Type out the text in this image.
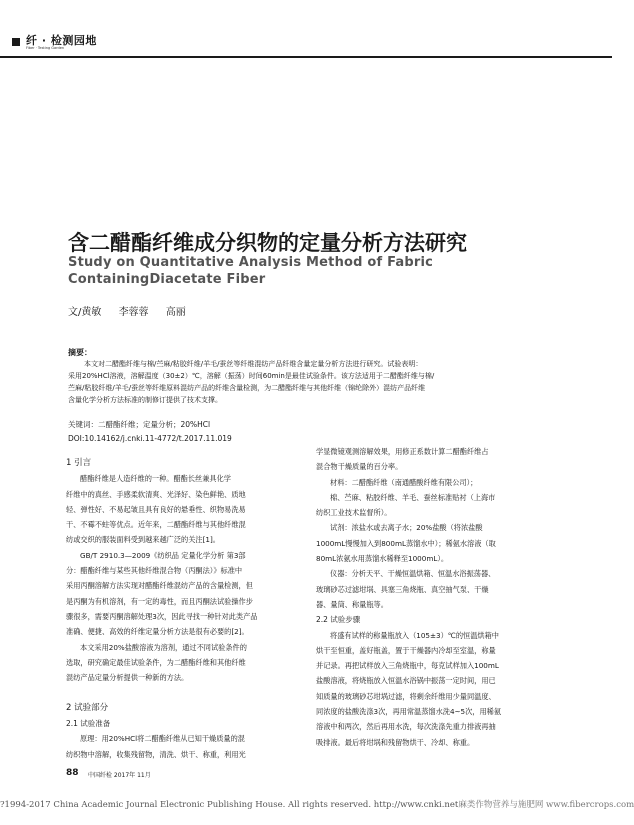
纤 · 检测园地
Fiber · Testing Garden
含二醋酯纤维成分织物的定量分析方法研究
Study on Quantitative Analysis Method of Fabric
ContainingDiacetate Fiber
文/黄敏 李蓉蓉 高丽
摘要：
本文对二醋酯纤维与棉/苎麻/粘胶纤维/羊毛/蚕丝等纤维混纺产品纤维含量定量分析方法进行研究。试验表明：
采用20%HCl溶液，溶解温度（30±2）℃，溶解（振荡）时间60min是最佳试验条件。该方法适用于二醋酯纤维与棉/
苎麻/粘胶纤维/羊毛/蚕丝等纤维原料混纺产品的纤维含量检测，为二醋酯纤维与其他纤维（锦纶除外）混纺产品纤维
含量化学分析方法标准的制修订提供了技术支撑。
关键词：二醋酯纤维；定量分析；20%HCl
DOI:10.14162/j.cnki.11-4772/t.2017.11.019
1 引言
醋酯纤维是人造纤维的一种。醋酯长丝兼具化学
纤维中的真丝、手感柔软清爽、光泽好、染色鲜艳、质地
轻、弹性好、不易起皱且具有良好的悬垂性、织物易洗易
干、不霉不蛀等优点。近年来，二醋酯纤维与其他纤维混
纺或交织的服装面料受到越来越广泛的关注[1]。
GB/T 2910.3—2009《纺织品 定量化学分析 第3部
分：醋酯纤维与某些其他纤维混合物（丙酮法）》标准中
采用丙酮溶解方法实现对醋酯纤维混纺产品的含量检测，但
是丙酮为有机溶剂，有一定的毒性，而且丙酮法试验操作步
骤很多，需要丙酮溶解处理3次，因此寻找一种针对此类产品
准确、便捷、高效的纤维定量分析方法是很有必要的[2]。
本文采用20%盐酸溶液为溶剂，通过不同试验条件的
选取，研究确定最佳试验条件，为二醋酯纤维和其他纤维
混纺产品定量分析提供一种新的方法。

2 试验部分
2.1 试验准备
原理：用20%HCl将二醋酯纤维从已知干燥质量的混
纺织物中溶解，收集残留物，清洗、烘干、称重，利用光
学显微镜观测溶解效果，用修正系数计算二醋酯纤维占
混合物干燥质量的百分率。
材料：二醋酯纤维（南通醋酸纤维有限公司）；
棉、苎麻、粘胶纤维、羊毛、蚕丝标准贴衬（上海市
纺织工业技术监督所）。
试剂：浓盐水或去离子水；20%盐酸（将浓盐酸
1000mL慢慢加入到800mL蒸馏水中）；稀氨水溶液（取
80mL浓氨水用蒸馏水稀释至1000mL）。
仪器：分析天平、干燥恒温烘箱、恒温水浴振荡器、
玻璃砂芯过滤坩埚、具塞三角烧瓶、真空抽气泵、干燥
器、量筒、称量瓶等。
2.2 试验步骤
将盛有试样的称量瓶放入（105±3）℃的恒温烘箱中
烘干至恒重，盖好瓶盖，置于干燥器内冷却至室温，称量
并记录。再把试样放入三角烧瓶中，每克试样加入100mL
盐酸溶液，将烧瓶放入恒温水浴锅中振荡一定时间，用已
知质量的玻璃砂芯坩埚过滤，将剩余纤维用少量同温度、
同浓度的盐酸洗涤3次，再用常温蒸馏水洗4~5次，用稀氨
溶液中和两次，然后再用水洗，每次洗涤先重力排液再抽
吸排液。最后将坩埚和残留物烘干、冷却、称重。
88 中国纤检 2017年 11月
?1994-2017 China Academic Journal Electronic Publishing House. All rights reserved. http://www.cnki.net麻类作物营养与施肥网 www.fibercrops.com
